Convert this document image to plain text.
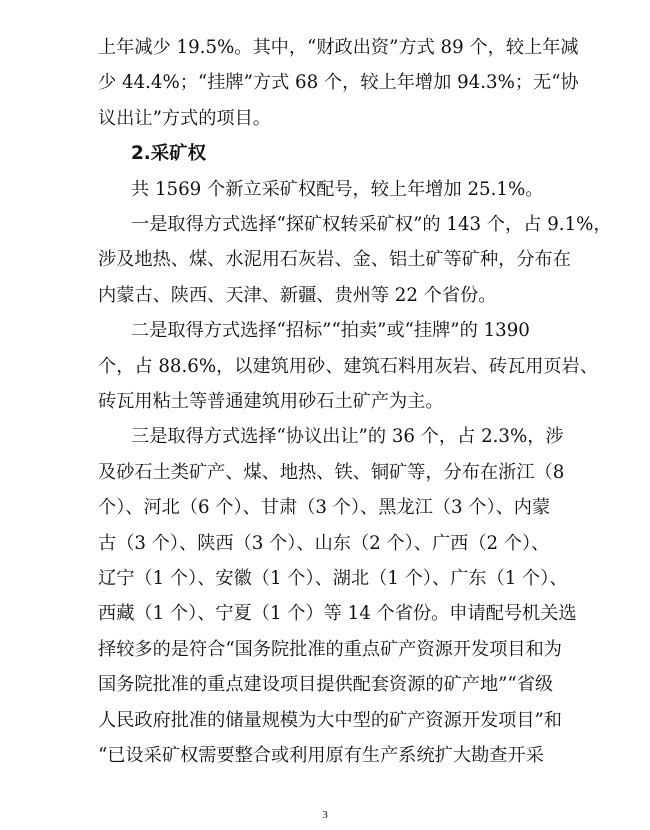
上年减少 19.5%。其中，“财政出资”方式 89 个，较上年减
少 44.4%；“挂牌”方式 68 个，较上年增加 94.3%；无“协
议出让”方式的项目。
2.采矿权
共 1569 个新立采矿权配号，较上年增加 25.1%。
一是取得方式选择“探矿权转采矿权”的 143 个，占 9.1%，
涉及地热、煤、水泥用石灰岩、金、铝土矿等矿种，分布在
内蒙古、陕西、天津、新疆、贵州等 22 个省份。
二是取得方式选择“招标”“拍卖”或“挂牌”的 1390
个，占 88.6%，以建筑用砂、建筑石料用灰岩、砖瓦用页岩、
砖瓦用粘土等普通建筑用砂石土矿产为主。
三是取得方式选择“协议出让”的 36 个，占 2.3%，涉
及砂石土类矿产、煤、地热、铁、铜矿等，分布在浙江（8
个）、河北（6 个）、甘肃（3 个）、黑龙江（3 个）、内蒙
古（3 个）、陕西（3 个）、山东（2 个）、广西（2 个）、
辽宁（1 个）、安徽（1 个）、湖北（1 个）、广东（1 个）、
西藏（1 个）、宁夏（1 个）等 14 个省份。申请配号机关选
择较多的是符合“国务院批准的重点矿产资源开发项目和为
国务院批准的重点建设项目提供配套资源的矿产地”“省级
人民政府批准的储量规模为大中型的矿产资源开发项目”和
“已设采矿权需要整合或利用原有生产系统扩大勘查开采
3
